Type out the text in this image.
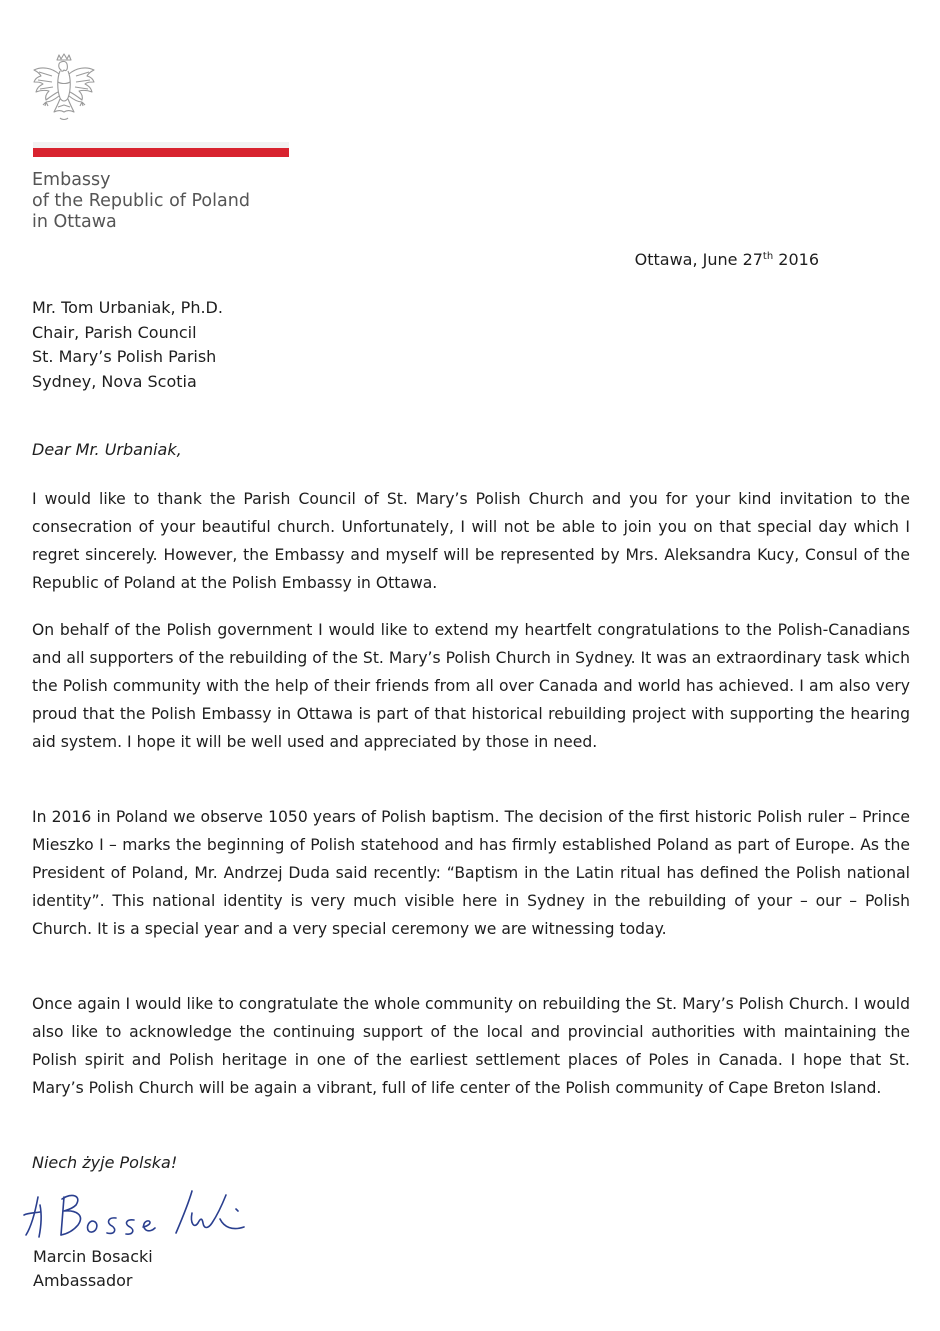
Embassy
of the Republic of Poland
in Ottawa
Ottawa, June 27th 2016
Mr. Tom Urbaniak, Ph.D.
Chair, Parish Council
St. Mary’s Polish Parish
Sydney, Nova Scotia
Dear Mr. Urbaniak,

I would like to thank the Parish Council of St. Mary’s Polish Church and you for your kind invitation to the consecration of your beautiful church. Unfortunately, I will not be able to join you on that special day which I regret sincerely. However, the Embassy and myself will be represented by Mrs. Aleksandra Kucy, Consul of the Republic of Poland at the Polish Embassy in Ottawa.

On behalf of the Polish government I would like to extend my heartfelt congratulations to the Polish-Canadians and all supporters of the rebuilding of the St. Mary’s Polish Church in Sydney. It was an extraordinary task which the Polish community with the help of their friends from all over Canada and world has achieved. I am also very proud that the Polish Embassy in Ottawa is part of that historical rebuilding project with supporting the hearing aid system. I hope it will be well used and appreciated by those in need.

In 2016 in Poland we observe 1050 years of Polish baptism. The decision of the first historic Polish ruler – Prince Mieszko I – marks the beginning of Polish statehood and has firmly established Poland as part of Europe. As the President of Poland, Mr. Andrzej Duda said recently: “Baptism in the Latin ritual has defined the Polish national identity”. This national identity is very much visible here in Sydney in the rebuilding of your – our – Polish Church. It is a special year and a very special ceremony we are witnessing today.

Once again I would like to congratulate the whole community on rebuilding the St. Mary’s Polish Church. I would also like to acknowledge the continuing support of the local and provincial authorities with maintaining the Polish spirit and Polish heritage in one of the earliest settlement places of Poles in Canada. I hope that St. Mary’s Polish Church will be again a vibrant, full of life center of the Polish community of Cape Breton Island.

Niech żyje Polska!
Marcin Bosacki
Ambassador
